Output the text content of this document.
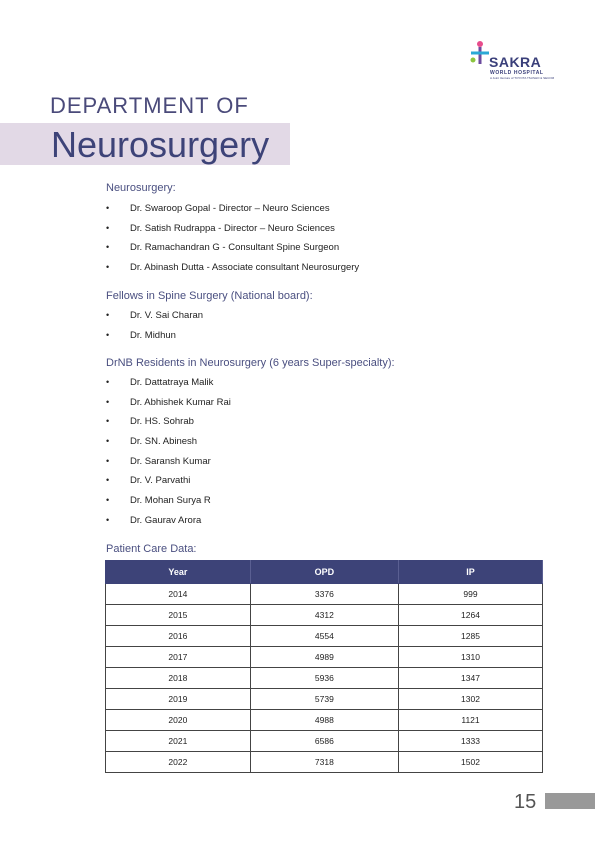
SAKRA
WORLD HOSPITAL
A Joint Venture of TOYOTA TSUSHO & SECOM
DEPARTMENT OF
Neurosurgery
Neurosurgery:
• Dr. Swaroop Gopal - Director – Neuro Sciences
• Dr. Satish Rudrappa - Director – Neuro Sciences
• Dr. Ramachandran G - Consultant Spine Surgeon
• Dr. Abinash Dutta - Associate consultant Neurosurgery
Fellows in Spine Surgery (National board):
• Dr. V. Sai Charan
• Dr. Midhun
DrNB Residents in Neurosurgery (6 years Super-specialty):
• Dr. Dattatraya Malik
• Dr. Abhishek Kumar Rai
• Dr. HS. Sohrab
• Dr. SN. Abinesh
• Dr. Saransh Kumar
• Dr. V. Parvathi
• Dr. Mohan Surya R
• Dr. Gaurav Arora
Patient Care Data:
Year	OPD	IP
2014	3376	999
2015	4312	1264
2016	4554	1285
2017	4989	1310
2018	5936	1347
2019	5739	1302
2020	4988	1121
2021	6586	1333
2022	7318	1502
15
